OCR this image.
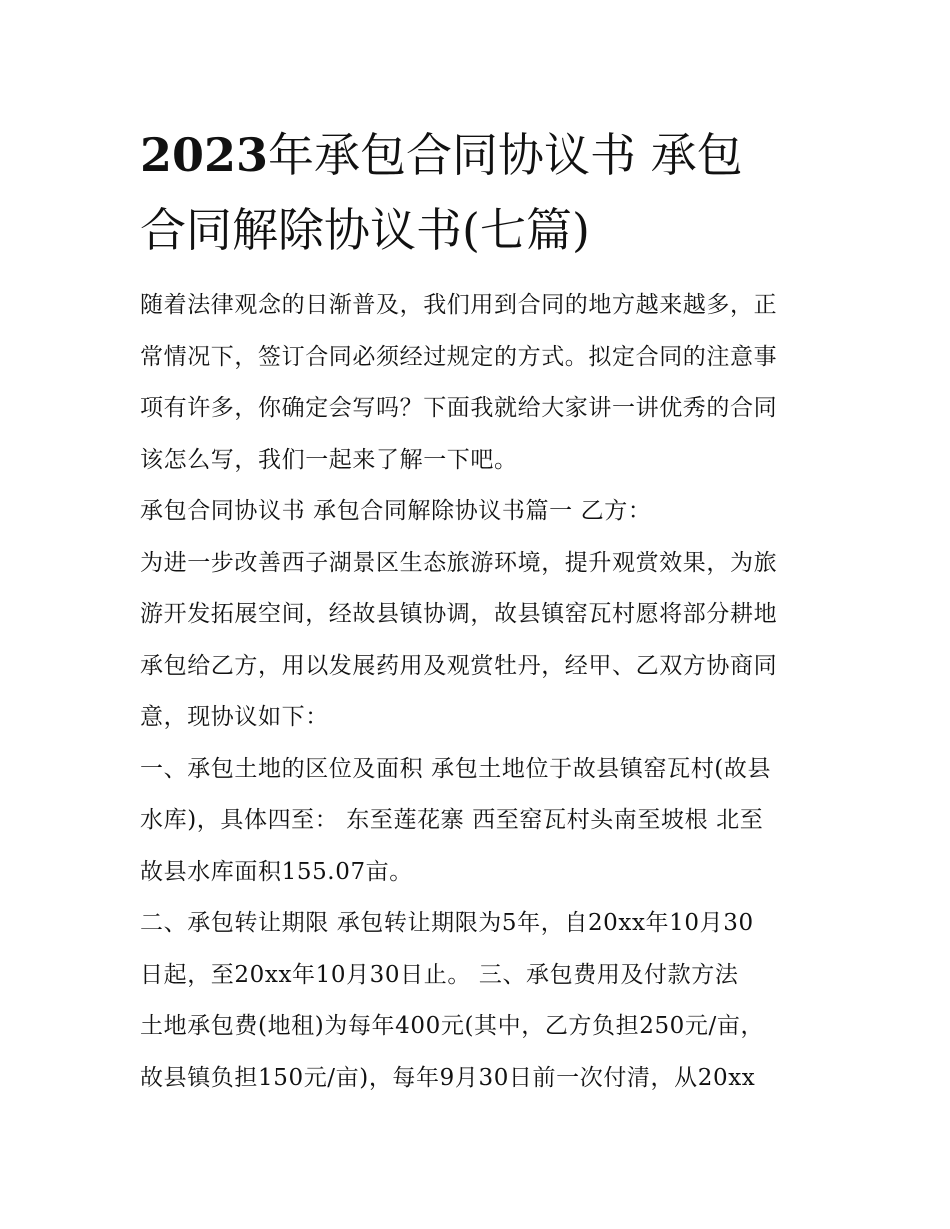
2023年承包合同协议书 承包
合同解除协议书(七篇)

随着法律观念的日渐普及，我们用到合同的地方越来越多，正
常情况下，签订合同必须经过规定的方式。拟定合同的注意事
项有许多，你确定会写吗？下面我就给大家讲一讲优秀的合同
该怎么写，我们一起来了解一下吧。

承包合同协议书 承包合同解除协议书篇一 乙方：

为进一步改善西子湖景区生态旅游环境，提升观赏效果，为旅
游开发拓展空间，经故县镇协调，故县镇窑瓦村愿将部分耕地
承包给乙方，用以发展药用及观赏牡丹，经甲、乙双方协商同
意，现协议如下：

一、承包土地的区位及面积 承包土地位于故县镇窑瓦村(故县
水库)，具体四至： 东至莲花寨 西至窑瓦村头南至坡根 北至
故县水库面积155.07亩。

二、承包转让期限 承包转让期限为5年，自20xx年10月30
日起，至20xx年10月30日止。 三、承包费用及付款方法
土地承包费(地租)为每年400元(其中，乙方负担250元/亩，
故县镇负担150元/亩)，每年9月30日前一次付清，从20xx
